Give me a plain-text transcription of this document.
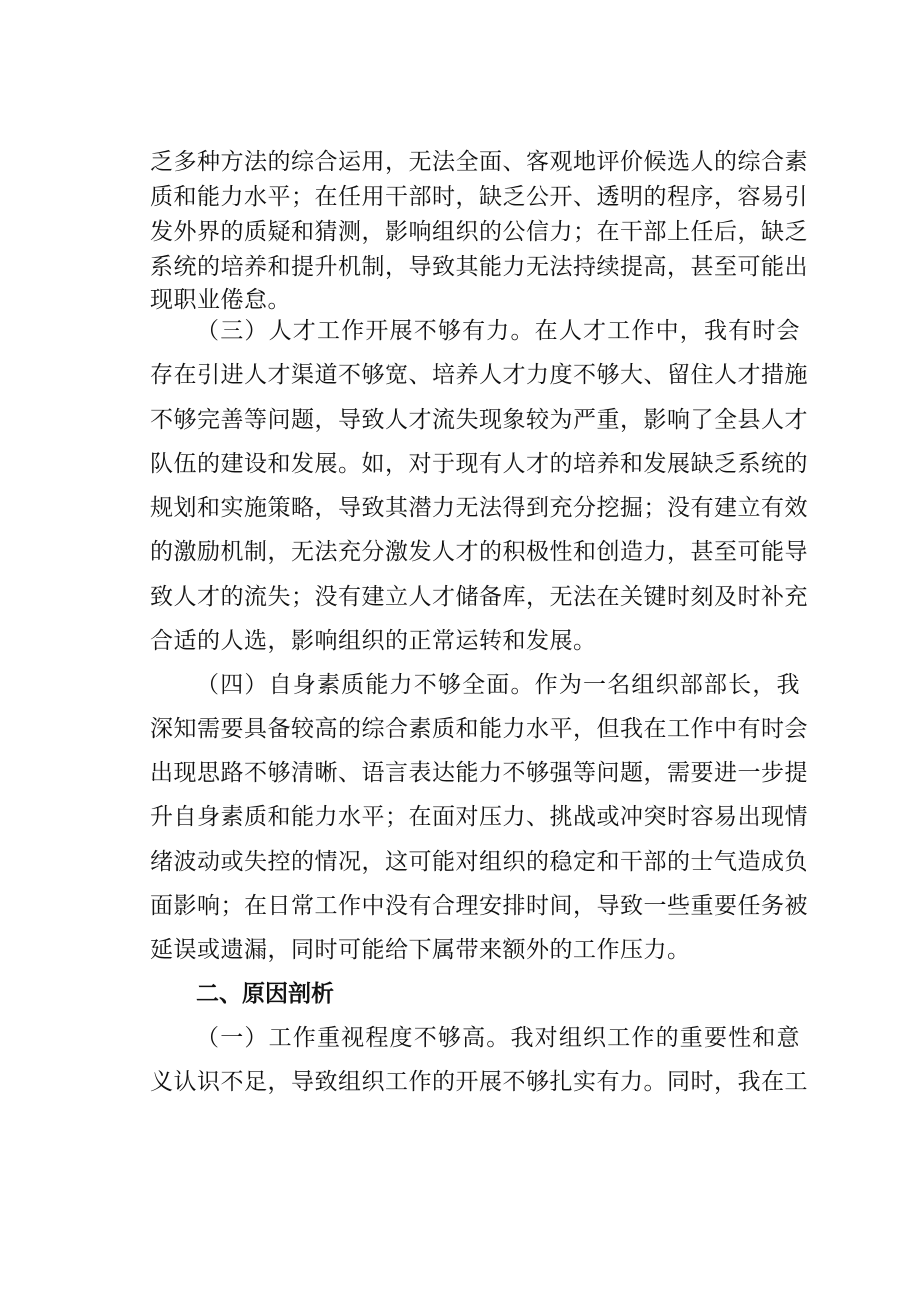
乏多种方法的综合运用，无法全面、客观地评价候选人的综合素
质和能力水平；在任用干部时，缺乏公开、透明的程序，容易引
发外界的质疑和猜测，影响组织的公信力；在干部上任后，缺乏
系统的培养和提升机制，导致其能力无法持续提高，甚至可能出
现职业倦怠。
（三）人才工作开展不够有力。在人才工作中，我有时会
存在引进人才渠道不够宽、培养人才力度不够大、留住人才措施
不够完善等问题，导致人才流失现象较为严重，影响了全县人才
队伍的建设和发展。如，对于现有人才的培养和发展缺乏系统的
规划和实施策略，导致其潜力无法得到充分挖掘；没有建立有效
的激励机制，无法充分激发人才的积极性和创造力，甚至可能导
致人才的流失；没有建立人才储备库，无法在关键时刻及时补充
合适的人选，影响组织的正常运转和发展。
（四）自身素质能力不够全面。作为一名组织部部长，我
深知需要具备较高的综合素质和能力水平，但我在工作中有时会
出现思路不够清晰、语言表达能力不够强等问题，需要进一步提
升自身素质和能力水平；在面对压力、挑战或冲突时容易出现情
绪波动或失控的情况，这可能对组织的稳定和干部的士气造成负
面影响；在日常工作中没有合理安排时间，导致一些重要任务被
延误或遗漏，同时可能给下属带来额外的工作压力。
二、原因剖析
（一）工作重视程度不够高。我对组织工作的重要性和意
义认识不足，导致组织工作的开展不够扎实有力。同时，我在工
